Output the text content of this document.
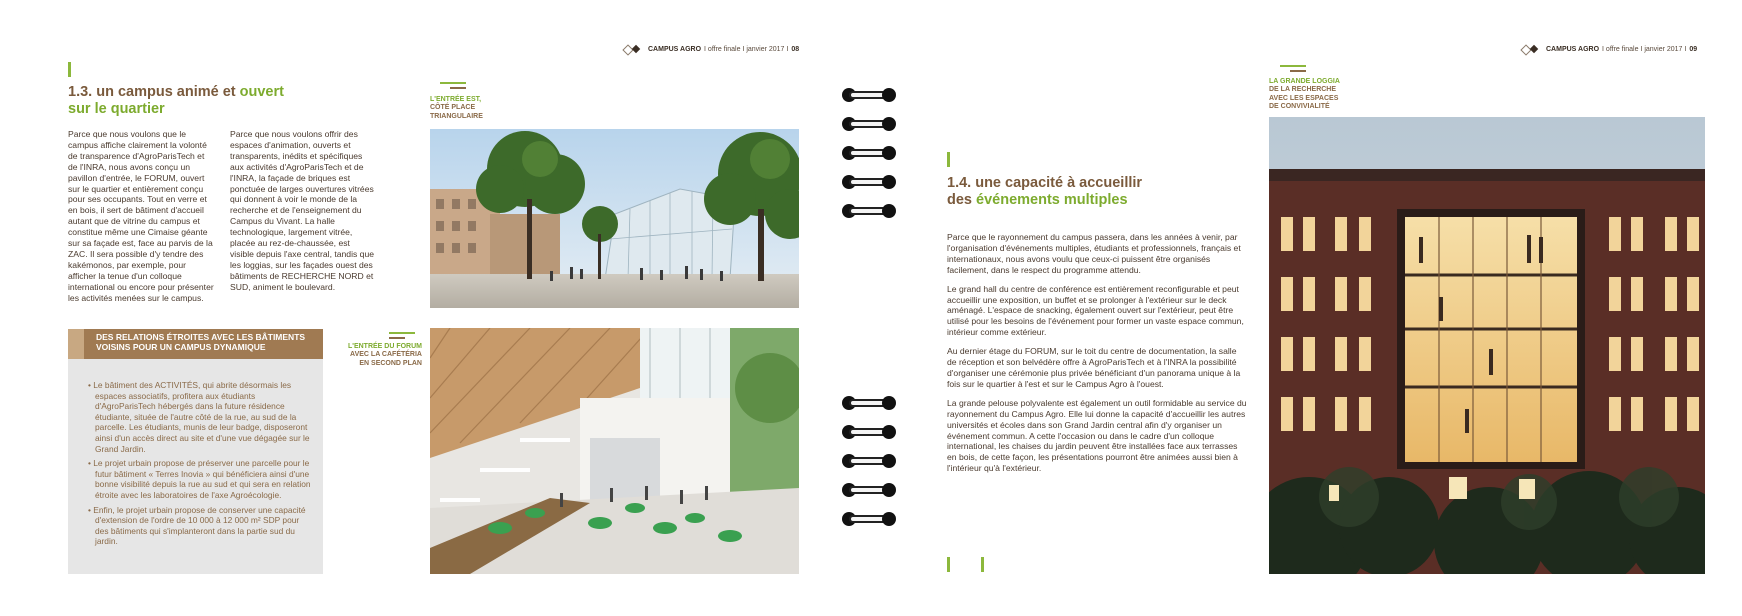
CAMPUS AGRO I offre finale I janvier 2017 I 08
1.3. un campus animé et ouvert
sur le quartier
Parce que nous voulons que le campus affiche clairement la volonté de transparence d'AgroParisTech et de l'INRA, nous avons conçu un pavillon d'entrée, le FORUM, ouvert sur le quartier et entièrement conçu pour ses occupants. Tout en verre et en bois, il sert de bâtiment d'accueil autant que de vitrine du campus et constitue même une Cimaise géante sur sa façade est, face au parvis de la ZAC. Il sera possible d'y tendre des kakémonos, par exemple, pour afficher la tenue d'un colloque international ou encore pour présenter les activités menées sur le campus.
Parce que nous voulons offrir des espaces d'animation, ouverts et transparents, inédits et spécifiques aux activités d'AgroParisTech et de l'INRA, la façade de briques est ponctuée de larges ouvertures vitrées qui donnent à voir le monde de la recherche et de l'enseignement du Campus du Vivant. La halle technologique, largement vitrée, placée au rez-de-chaussée, est visible depuis l'axe central, tandis que les loggias, sur les façades ouest des bâtiments de RECHERCHE NORD et SUD, animent le boulevard.
DES RELATIONS ÉTROITES AVEC LES BÂTIMENTS VOISINS POUR UN CAMPUS DYNAMIQUE
• Le bâtiment des ACTIVITÉS, qui abrite désormais les espaces associatifs, profitera aux étudiants d'AgroParisTech hébergés dans la future résidence étudiante, située de l'autre côté de la rue, au sud de la parcelle. Les étudiants, munis de leur badge, disposeront ainsi d'un accès direct au site et d'une vue dégagée sur le Grand Jardin.
• Le projet urbain propose de préserver une parcelle pour le futur bâtiment « Terres Inovia » qui bénéficiera ainsi d'une bonne visibilité depuis la rue au sud et qui sera en relation étroite avec les laboratoires de l'axe Agroécologie.
• Enfin, le projet urbain propose de conserver une capacité d'extension de l'ordre de 10 000 à 12 000 m² SDP pour des bâtiments qui s'implanteront dans la partie sud du jardin.
L'ENTRÉE EST,
CÔTÉ PLACE
TRIANGULAIRE
L'ENTRÉE DU FORUM
AVEC LA CAFÉTÉRIA
EN SECOND PLAN
CAMPUS AGRO I offre finale I janvier 2017 I 09
1.4. une capacité à accueillir
des événements multiples

Parce que le rayonnement du campus passera, dans les années à venir, par l'organisation d'événements multiples, étudiants et professionnels, français et internationaux, nous avons voulu que ceux-ci puissent être organisés facilement, dans le respect du programme attendu.

Le grand hall du centre de conférence est entièrement reconfigurable et peut accueillir une exposition, un buffet et se prolonger à l'extérieur sur le deck aménagé. L'espace de snacking, également ouvert sur l'extérieur, peut être utilisé pour les besoins de l'événement pour former un vaste espace commun, intérieur comme extérieur.

Au dernier étage du FORUM, sur le toit du centre de documentation, la salle de réception et son belvédère offre à AgroParisTech et à l'INRA la possibilité d'organiser une cérémonie plus privée bénéficiant d'un panorama unique à la fois sur le quartier à l'est et sur le Campus Agro à l'ouest.

La grande pelouse polyvalente est également un outil formidable au service du rayonnement du Campus Agro. Elle lui donne la capacité d'accueillir les autres universités et écoles dans son Grand Jardin central afin d'y organiser un événement commun. A cette l'occasion ou dans le cadre d'un colloque international, les chaises du jardin peuvent être installées face aux terrasses en bois, de cette façon, les présentations pourront être animées aussi bien à l'intérieur qu'à l'extérieur.

LA GRANDE LOGGIA
DE LA RECHERCHE
AVEC LES ESPACES
DE CONVIVIALITÉ
